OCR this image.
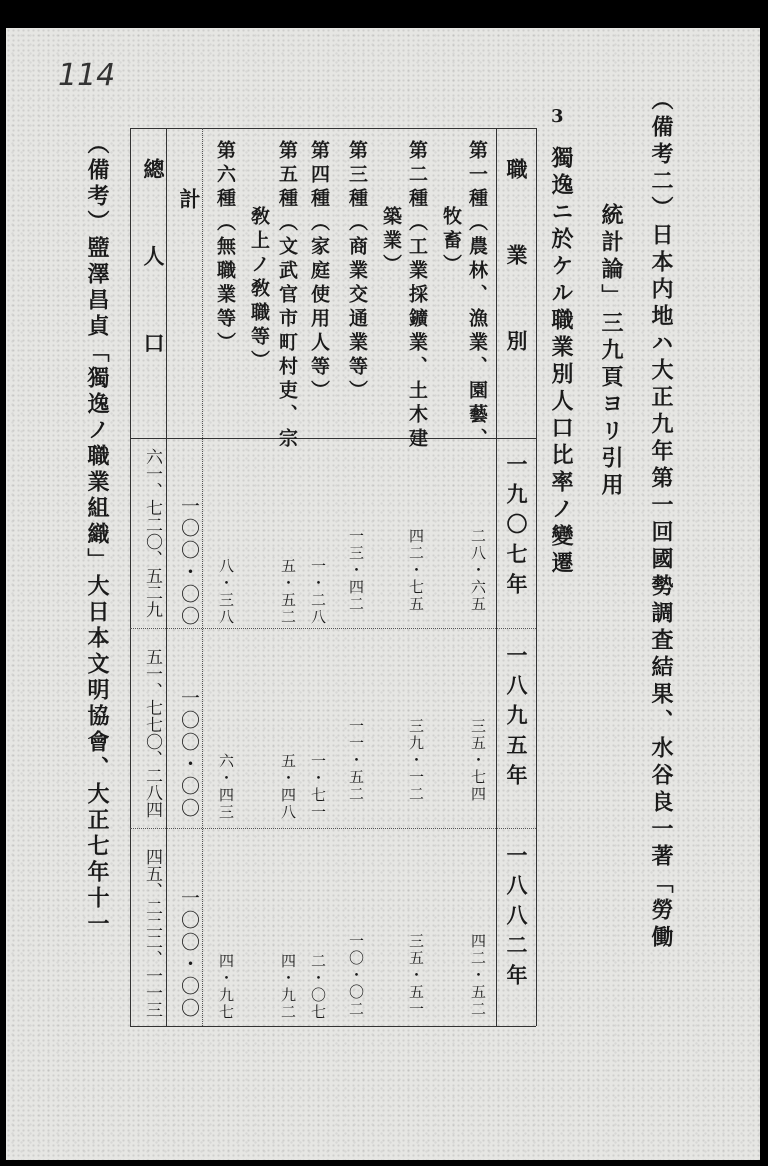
114
（備考二）日本内地ハ大正九年第一回國勢調査結果、水谷良一著「勞働
統計論」三九頁ヨリ引用
3
獨逸ニ於ケル職業別人口比率ノ變遷
職　業　別
一九〇七年
一八九五年
一八八二年
第一種（農林、漁業、園藝、
牧畜）
二八・六五
三五・七四
四二・五二
第二種（工業採鑛業、土木建
築業）
四二・七五
三九・一二
三五・五一
第三種（商業交通業等）
一三・四二
一一・五二
一〇・〇二
第四種（家庭使用人等）
一・二八
一・七一
二・〇七
第五種（文武官市町村吏、宗
敎上ノ敎職等）
五・五二
五・四八
四・九二
第六種（無職業等）
八・三八
六・四三
四・九七
計
一〇〇・〇〇
一〇〇・〇〇
一〇〇・〇〇
總　　人　　口
六一、七二〇、五二九
五一、七七〇、二八四
四五、二二二、一一三
（備考）盬澤昌貞「獨逸ノ職業組織」大日本文明協會、大正七年十一
